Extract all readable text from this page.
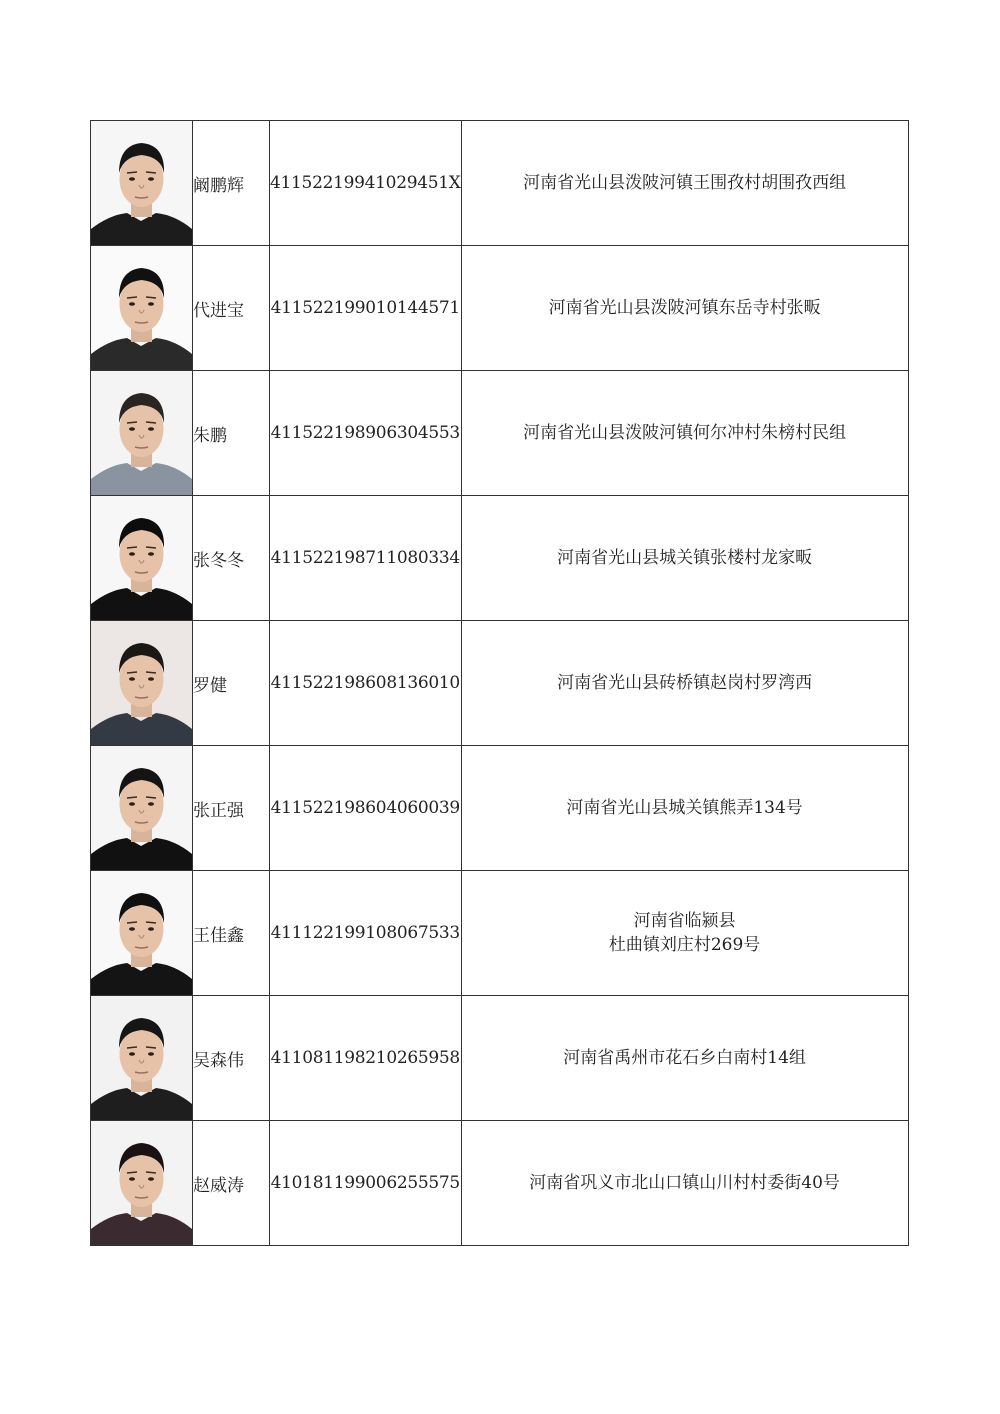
	阚鹏辉	41152219941029451X	河南省光山县泼陂河镇王围孜村胡围孜西组

	代进宝	411522199010144571	河南省光山县泼陂河镇东岳寺村张畈

	朱鹏	411522198906304553	河南省光山县泼陂河镇何尔冲村朱榜村民组

	张冬冬	411522198711080334	河南省光山县城关镇张楼村龙家畈

	罗健	411522198608136010	河南省光山县砖桥镇赵岗村罗湾西

	张正强	411522198604060039	河南省光山县城关镇熊弄134号

	王佳鑫	411122199108067533	河南省临颍县
杜曲镇刘庄村269号

	吴森伟	411081198210265958	河南省禹州市花石乡白南村14组

	赵威涛	410181199006255575	河南省巩义市北山口镇山川村村委街40号
